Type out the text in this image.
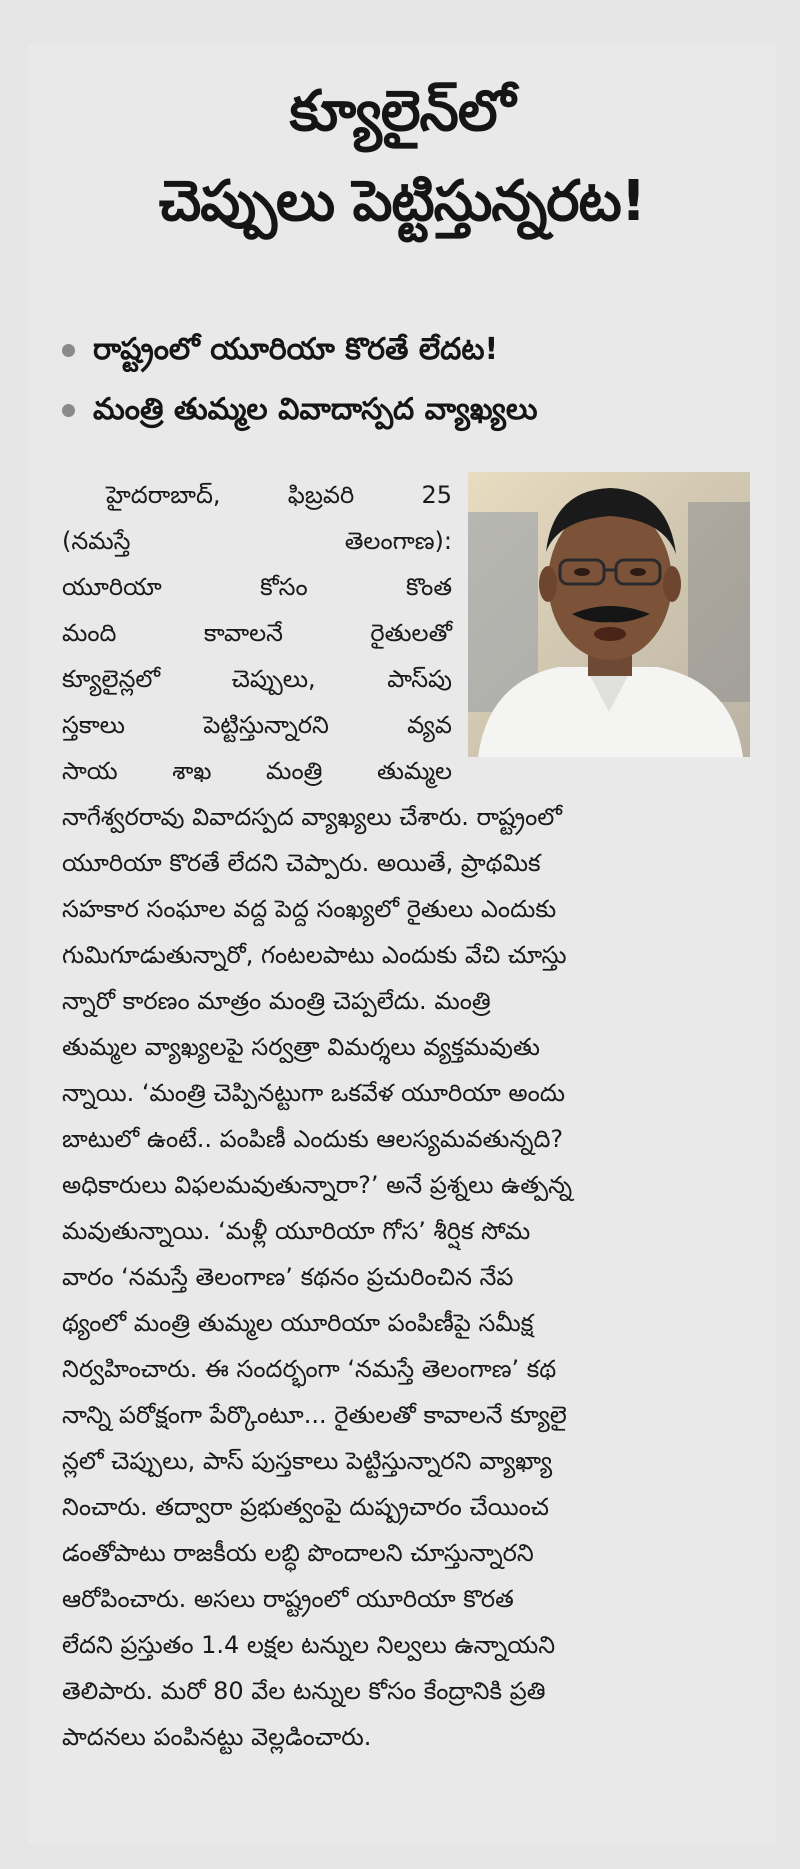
క్యూలైన్‌లో
చెప్పులు పెట్టిస్తున్నరట!
రాష్ట్రంలో యూరియా కొరతే లేదట!
మంత్రి తుమ్మల వివాదాస్పద వ్యాఖ్యలు
హైదరాబాద్, ఫిబ్రవరి 25
(నమస్తే తెలంగాణ):
యూరియా కోసం కొంత
మంది కావాలనే రైతులతో
క్యూలైన్లలో చెప్పులు, పాస్‌పు
స్తకాలు పెట్టిస్తున్నారని వ్యవ
సాయ శాఖ మంత్రి తుమ్మల
నాగేశ్వరరావు వివాదస్పద వ్యాఖ్యలు చేశారు. రాష్ట్రంలో
యూరియా కొరతే లేదని చెప్పారు. అయితే, ప్రాథమిక
సహకార సంఘాల వద్ద పెద్ద సంఖ్యలో రైతులు ఎందుకు
గుమిగూడుతున్నారో, గంటలపాటు ఎందుకు వేచి చూస్తు
న్నారో కారణం మాత్రం మంత్రి చెప్పలేదు. మంత్రి
తుమ్మల వ్యాఖ్యలపై సర్వత్రా విమర్శలు వ్యక్తమవుతు
న్నాయి. ‘మంత్రి చెప్పినట్టుగా ఒకవేళ యూరియా అందు
బాటులో ఉంటే.. పంపిణీ ఎందుకు ఆలస్యమవతున్నది?
అధికారులు విఫలమవుతున్నారా?’ అనే ప్రశ్నలు ఉత్పన్న
మవుతున్నాయి. ‘మళ్లీ యూరియా గోస’ శీర్షిక సోమ
వారం ‘నమస్తే తెలంగాణ’ కథనం ప్రచురించిన నేప
థ్యంలో మంత్రి తుమ్మల యూరియా పంపిణీపై సమీక్ష
నిర్వహించారు. ఈ సందర్భంగా ‘నమస్తే తెలంగాణ’ కథ
నాన్ని పరోక్షంగా పేర్కొంటూ... రైతులతో కావాలనే క్యూలై
న్లలో చెప్పులు, పాస్ పుస్తకాలు పెట్టిస్తున్నారని వ్యాఖ్యా
నించారు. తద్వారా ప్రభుత్వంపై దుష్ప్రచారం చేయించ
డంతోపాటు రాజకీయ లబ్ధి పొందాలని చూస్తున్నారని
ఆరోపించారు. అసలు రాష్ట్రంలో యూరియా కొరత
లేదని ప్రస్తుతం 1.4 లక్షల టన్నుల నిల్వలు ఉన్నాయని
తెలిపారు. మరో 80 వేల టన్నుల కోసం కేంద్రానికి ప్రతి
పాదనలు పంపినట్టు వెల్లడించారు.
